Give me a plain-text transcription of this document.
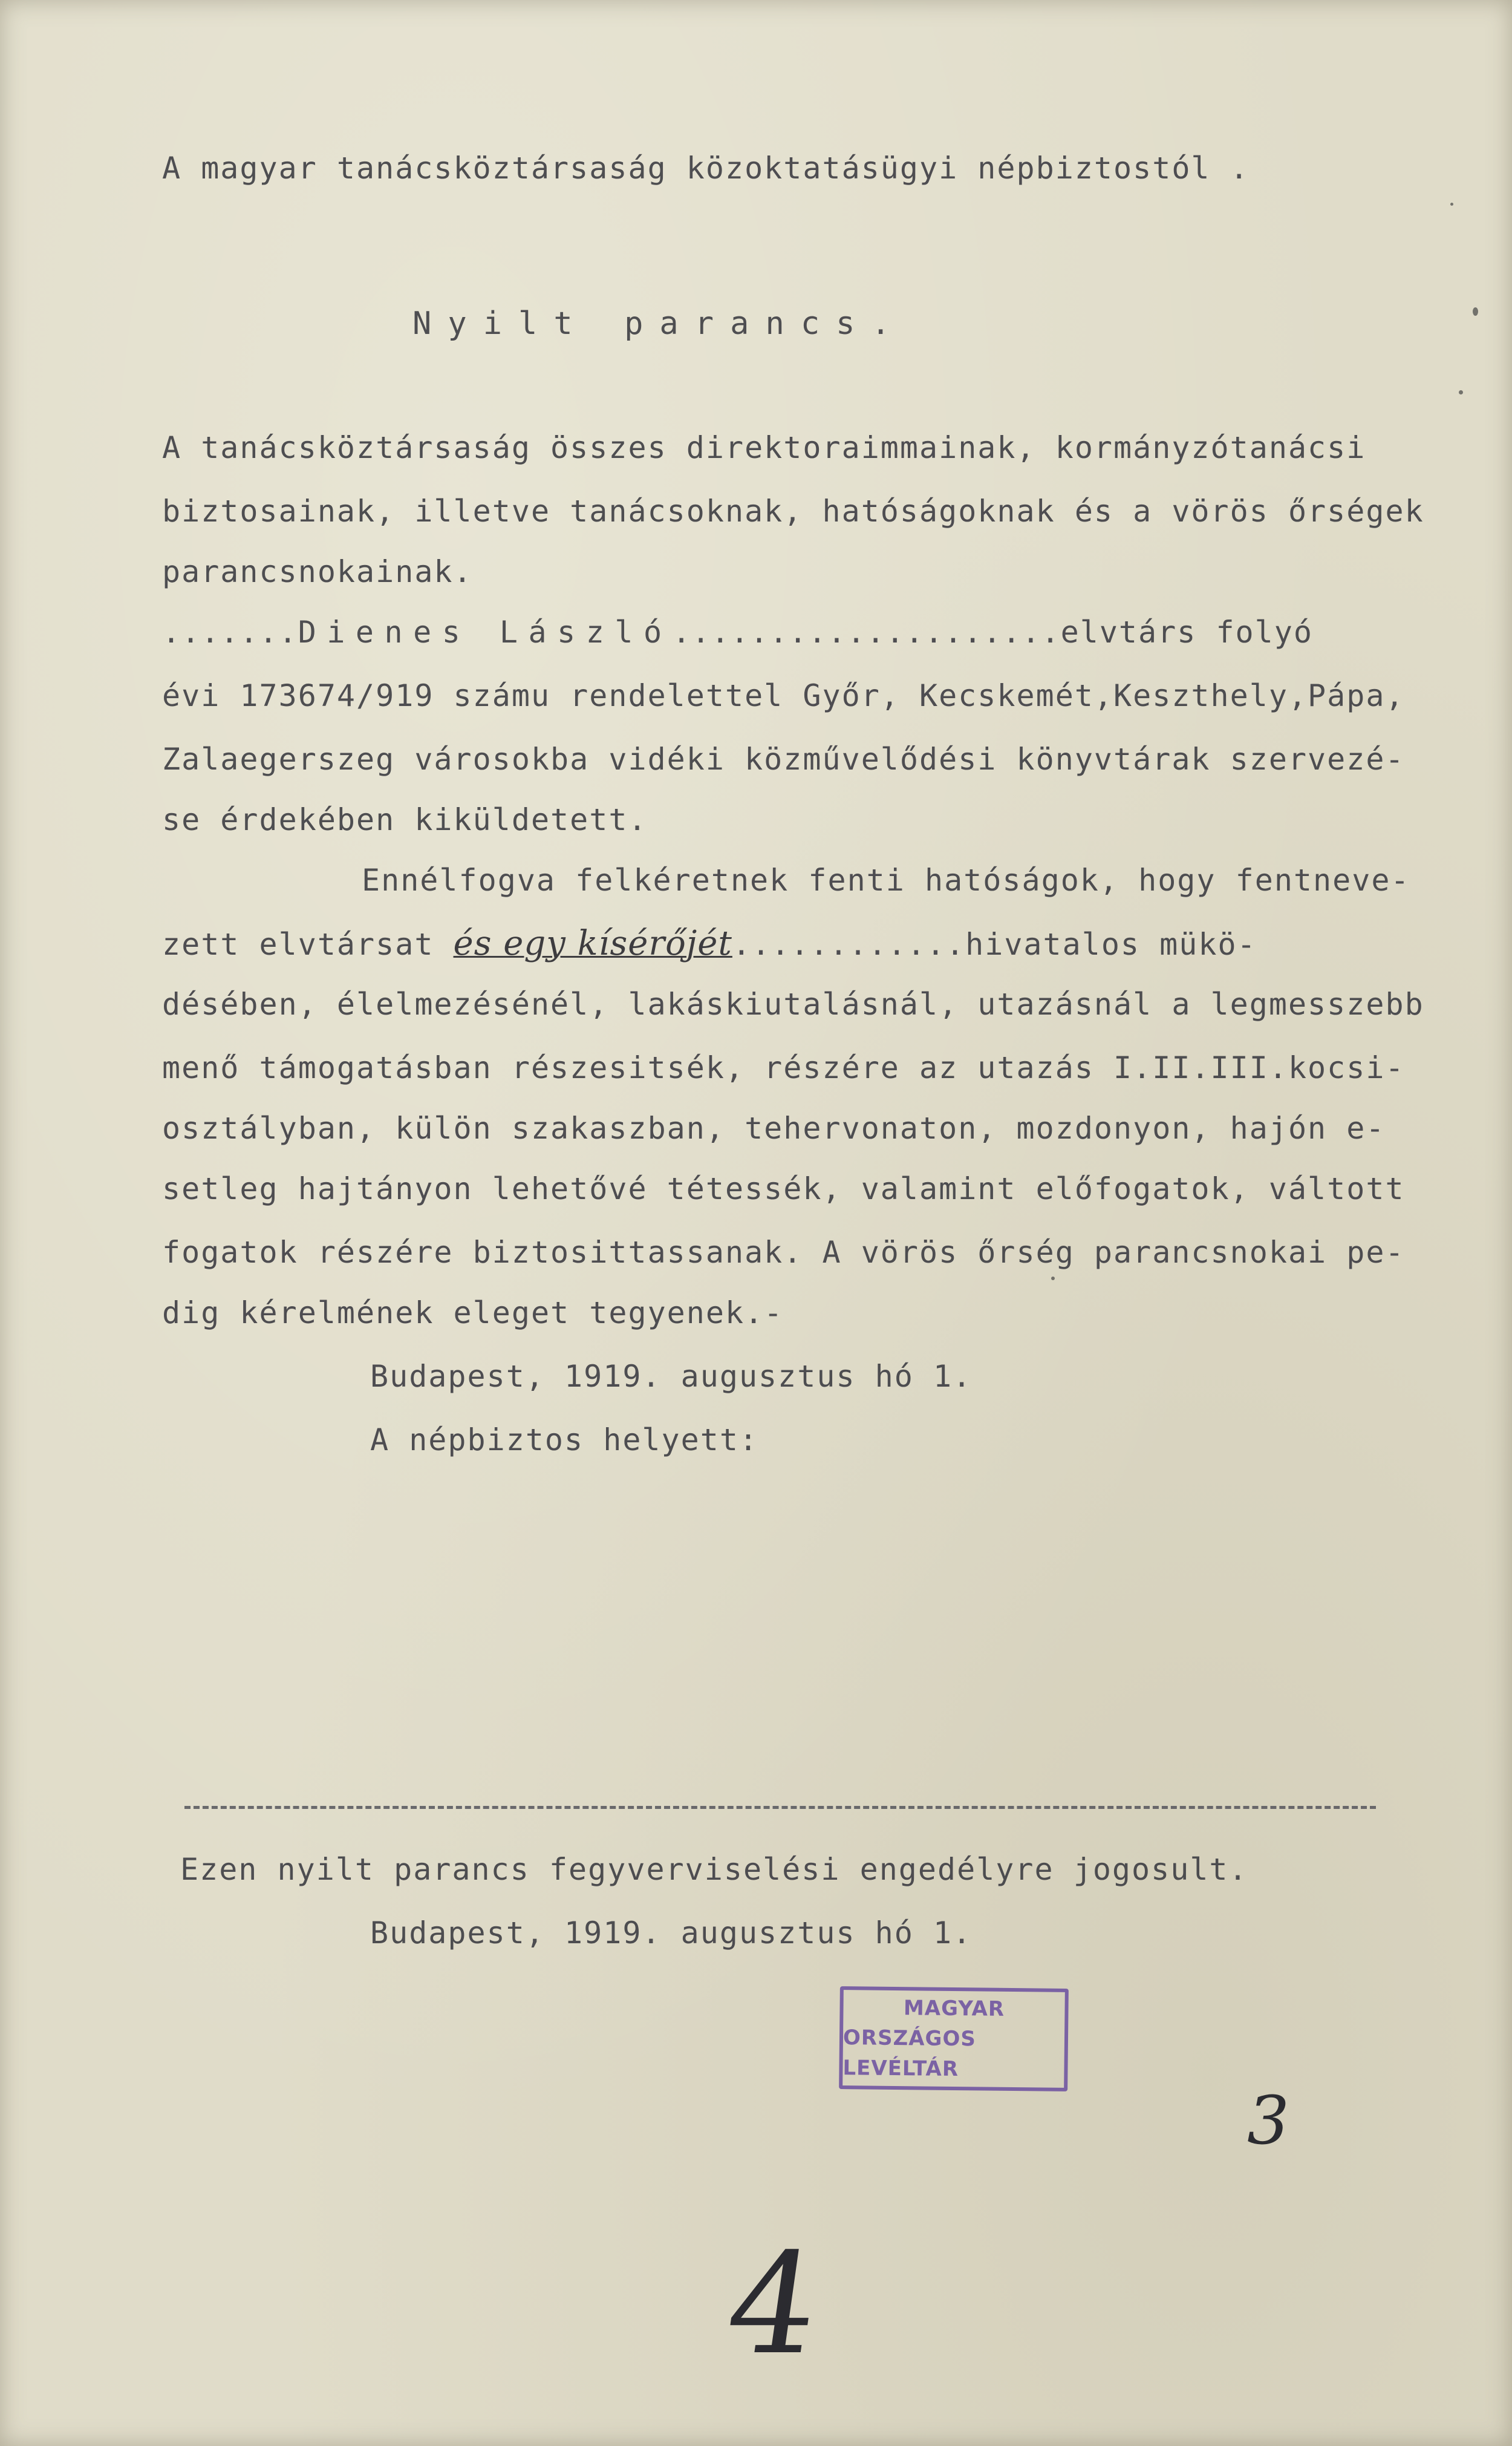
A magyar tanácsköztársaság közoktatásügyi népbiztostól .

Nyilt parancs.

A tanácsköztársaság összes direktoraimmainak, kormányzótanácsi

biztosainak, illetve tanácsoknak, hatóságoknak és a vörös őrségek

parancsnokainak.

.......Dienes László....................elvtárs folyó

évi 173674/919 számu rendelettel Győr, Kecskemét,Keszthely,Pápa,

Zalaegerszeg városokba vidéki közművelődési könyvtárak szervezé-

se érdekében kiküldetett.

Ennélfogva felkéretnek fenti hatóságok, hogy fentneve-

zett elvtársat és egy kísérőjét............hivatalos mükö-

désében, élelmezésénél, lakáskiutalásnál, utazásnál a legmesszebb

menő támogatásban részesitsék, részére az utazás I.II.III.kocsi-

osztályban, külön szakaszban, tehervonaton, mozdonyon, hajón e-

setleg hajtányon lehetővé tétessék, valamint előfogatok, váltott

fogatok részére biztosittassanak. A vörös őrség parancsnokai pe-

dig kérelmének eleget tegyenek.-

Budapest, 1919. augusztus hó 1.

A népbiztos helyett:

Ezen nyilt parancs fegyverviselési engedélyre jogosult.

Budapest, 1919. augusztus hó 1.

MAGYAR
ORSZÁGOS LEVÉLTÁR
3
4
